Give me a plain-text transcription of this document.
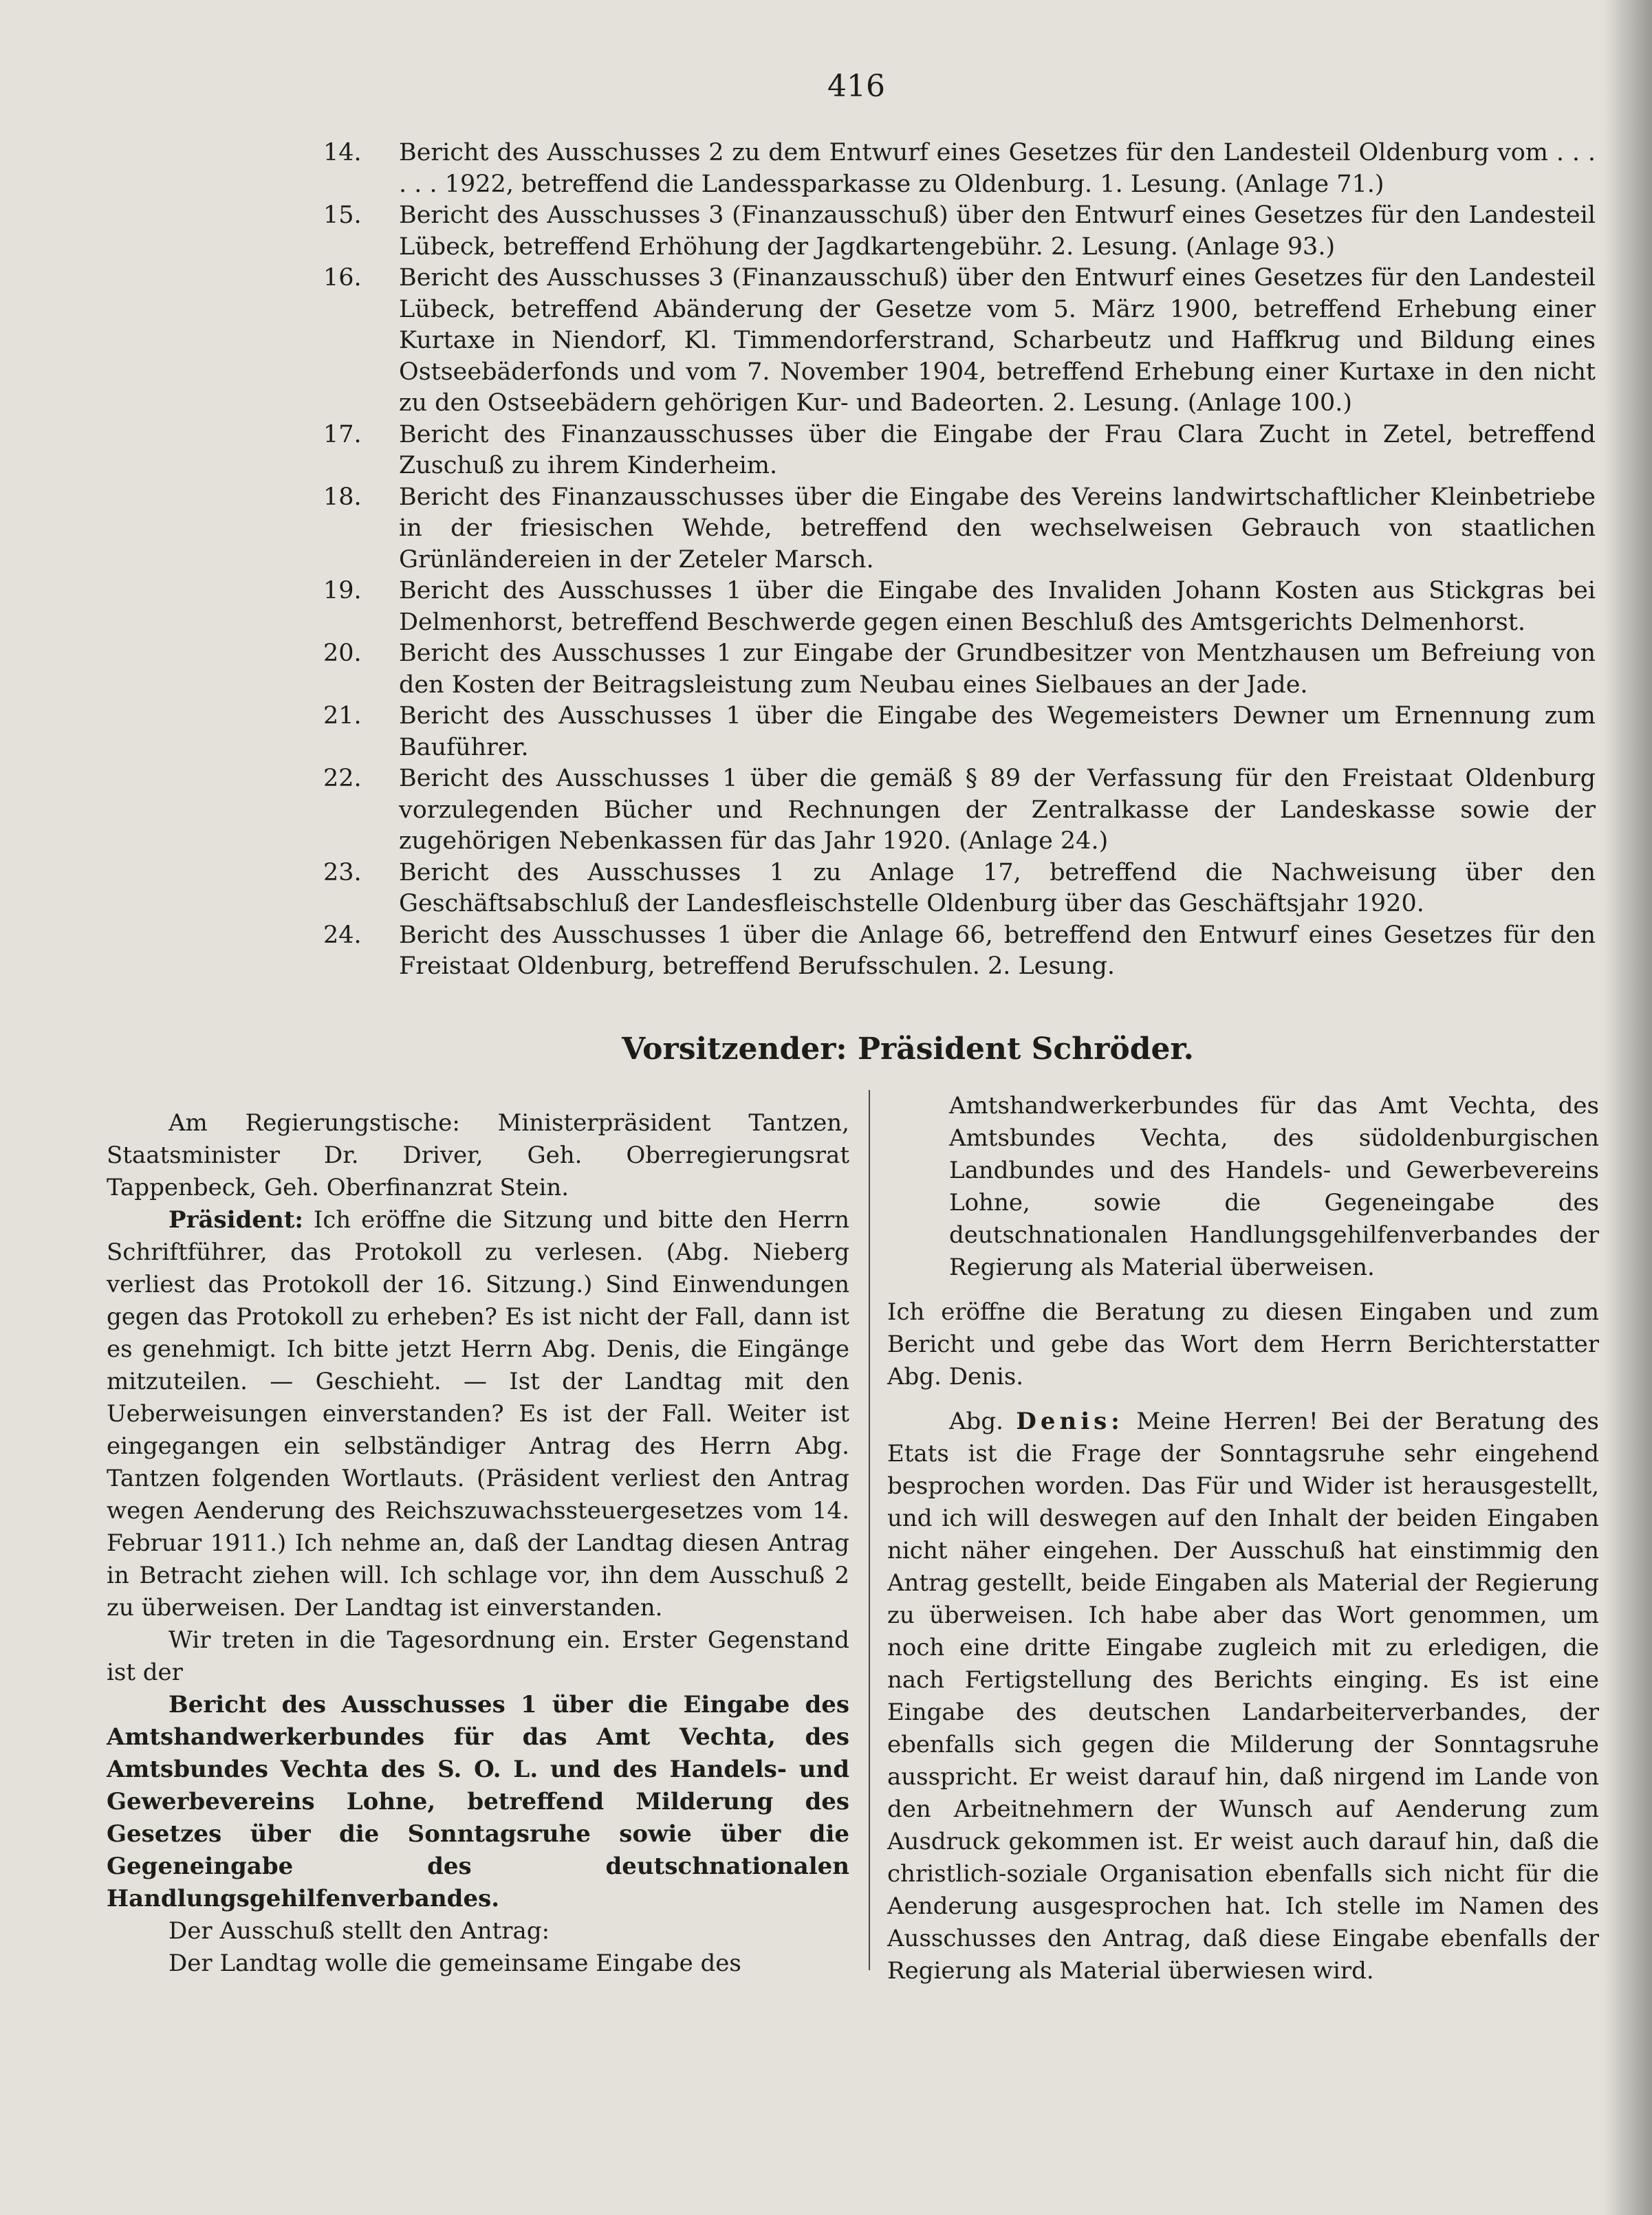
416
14.	Bericht des Ausschusses 2 zu dem Entwurf eines Gesetzes für den Landesteil Oldenburg vom . . . . . . 1922, betreffend die Landessparkasse zu Oldenburg. 1. Lesung. (Anlage 71.)
15.	Bericht des Ausschusses 3 (Finanzausschuß) über den Entwurf eines Gesetzes für den Landesteil Lübeck, betreffend Erhöhung der Jagdkartengebühr. 2. Lesung. (Anlage 93.)
16.	Bericht des Ausschusses 3 (Finanzausschuß) über den Entwurf eines Gesetzes für den Landesteil Lübeck, betreffend Abänderung der Gesetze vom 5. März 1900, betreffend Erhebung einer Kurtaxe in Niendorf, Kl. Timmendorferstrand, Scharbeutz und Haffkrug und Bildung eines Ostseebäderfonds und vom 7. November 1904, betreffend Erhebung einer Kurtaxe in den nicht zu den Ostseebädern gehörigen Kur- und Badeorten. 2. Lesung. (Anlage 100.)
17.	Bericht des Finanzausschusses über die Eingabe der Frau Clara Zucht in Zetel, betreffend Zuschuß zu ihrem Kinderheim.
18.	Bericht des Finanzausschusses über die Eingabe des Vereins landwirtschaftlicher Kleinbetriebe in der friesischen Wehde, betreffend den wechselweisen Gebrauch von staatlichen Grünländereien in der Zeteler Marsch.
19.	Bericht des Ausschusses 1 über die Eingabe des Invaliden Johann Kosten aus Stickgras bei Delmenhorst, betreffend Beschwerde gegen einen Beschluß des Amtsgerichts Delmenhorst.
20.	Bericht des Ausschusses 1 zur Eingabe der Grundbesitzer von Mentzhausen um Befreiung von den Kosten der Beitragsleistung zum Neubau eines Sielbaues an der Jade.
21.	Bericht des Ausschusses 1 über die Eingabe des Wegemeisters Dewner um Ernennung zum Bauführer.
22.	Bericht des Ausschusses 1 über die gemäß § 89 der Verfassung für den Freistaat Oldenburg vorzulegenden Bücher und Rechnungen der Zentralkasse der Landeskasse sowie der zugehörigen Nebenkassen für das Jahr 1920. (Anlage 24.)
23.	Bericht des Ausschusses 1 zu Anlage 17, betreffend die Nachweisung über den Geschäftsabschluß der Landesfleischstelle Oldenburg über das Geschäftsjahr 1920.
24.	Bericht des Ausschusses 1 über die Anlage 66, betreffend den Entwurf eines Gesetzes für den Freistaat Oldenburg, betreffend Berufsschulen. 2. Lesung.
Vorsitzender: Präsident Schröder.

Am Regierungstische: Ministerpräsident Tantzen, Staatsminister Dr. Driver, Geh. Oberregierungsrat Tappenbeck, Geh. Oberfinanzrat Stein.

Präsident: Ich eröffne die Sitzung und bitte den Herrn Schriftführer, das Protokoll zu verlesen. (Abg. Nieberg verliest das Protokoll der 16. Sitzung.) Sind Einwendungen gegen das Protokoll zu erheben? Es ist nicht der Fall, dann ist es genehmigt. Ich bitte jetzt Herrn Abg. Denis, die Eingänge mitzuteilen. — Geschieht. — Ist der Landtag mit den Ueberweisungen einverstanden? Es ist der Fall. Weiter ist eingegangen ein selbständiger Antrag des Herrn Abg. Tantzen folgenden Wortlauts. (Präsident verliest den Antrag wegen Aenderung des Reichszuwachssteuergesetzes vom 14. Februar 1911.) Ich nehme an, daß der Landtag diesen Antrag in Betracht ziehen will. Ich schlage vor, ihn dem Ausschuß 2 zu überweisen. Der Landtag ist einverstanden.

Wir treten in die Tagesordnung ein. Erster Gegenstand ist der

Bericht des Ausschusses 1 über die Eingabe des Amtshandwerkerbundes für das Amt Vechta, des Amtsbundes Vechta des S. O. L. und des Handels- und Gewerbevereins Lohne, betreffend Milderung des Gesetzes über die Sonntagsruhe sowie über die Gegeneingabe des deutschnationalen Handlungsgehilfenverbandes.

Der Ausschuß stellt den Antrag:

Der Landtag wolle die gemeinsame Eingabe des

Amtshandwerkerbundes für das Amt Vechta, des Amtsbundes Vechta, des südoldenburgischen Landbundes und des Handels- und Gewerbevereins Lohne, sowie die Gegeneingabe des deutschnationalen Handlungsgehilfenverbandes der Regierung als Material überweisen.

Ich eröffne die Beratung zu diesen Eingaben und zum Bericht und gebe das Wort dem Herrn Berichterstatter Abg. Denis.

Abg. Denis: Meine Herren! Bei der Beratung des Etats ist die Frage der Sonntagsruhe sehr eingehend besprochen worden. Das Für und Wider ist herausgestellt, und ich will deswegen auf den Inhalt der beiden Eingaben nicht näher eingehen. Der Ausschuß hat einstimmig den Antrag gestellt, beide Eingaben als Material der Regierung zu überweisen. Ich habe aber das Wort genommen, um noch eine dritte Eingabe zugleich mit zu erledigen, die nach Fertigstellung des Berichts einging. Es ist eine Eingabe des deutschen Landarbeiterverbandes, der ebenfalls sich gegen die Milderung der Sonntagsruhe ausspricht. Er weist darauf hin, daß nirgend im Lande von den Arbeitnehmern der Wunsch auf Aenderung zum Ausdruck gekommen ist. Er weist auch darauf hin, daß die christlich-soziale Organisation ebenfalls sich nicht für die Aenderung ausgesprochen hat. Ich stelle im Namen des Ausschusses den Antrag, daß diese Eingabe ebenfalls der Regierung als Material überwiesen wird.
